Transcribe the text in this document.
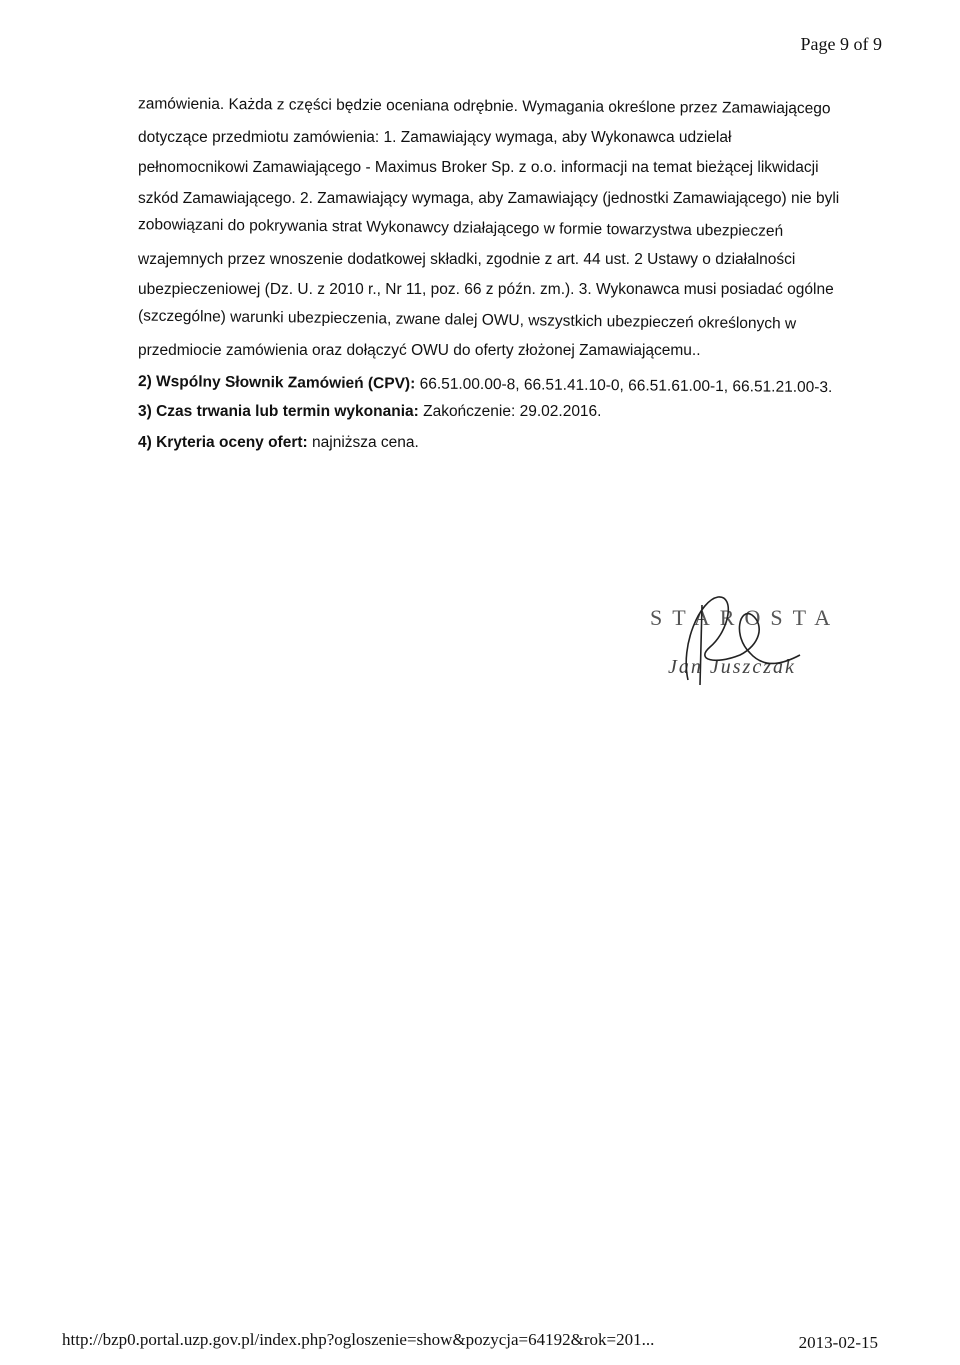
Page 9 of 9
zamówienia. Każda z części będzie oceniana odrębnie. Wymagania określone przez Zamawiającego
dotyczące przedmiotu zamówienia: 1. Zamawiający wymaga, aby Wykonawca udzielał
pełnomocnikowi Zamawiającego - Maximus Broker Sp. z o.o. informacji na temat bieżącej likwidacji
szkód Zamawiającego. 2. Zamawiający wymaga, aby Zamawiający (jednostki Zamawiającego) nie byli
zobowiązani do pokrywania strat Wykonawcy działającego w formie towarzystwa ubezpieczeń
wzajemnych przez wnoszenie dodatkowej składki, zgodnie z art. 44 ust. 2 Ustawy o działalności
ubezpieczeniowej (Dz. U. z 2010 r., Nr 11, poz. 66 z późn. zm.). 3. Wykonawca musi posiadać ogólne
(szczególne) warunki ubezpieczenia, zwane dalej OWU, wszystkich ubezpieczeń określonych w
przedmiocie zamówienia oraz dołączyć OWU do oferty złożonej Zamawiającemu..
2) Wspólny Słownik Zamówień (CPV): 66.51.00.00-8, 66.51.41.10-0, 66.51.61.00-1, 66.51.21.00-3.
3) Czas trwania lub termin wykonania: Zakończenie: 29.02.2016.
4) Kryteria oceny ofert: najniższa cena.
STAROSTA
Jan Juszczak
http://bzp0.portal.uzp.gov.pl/index.php?ogloszenie=show&pozycja=64192&rok=201...	2013-02-15
